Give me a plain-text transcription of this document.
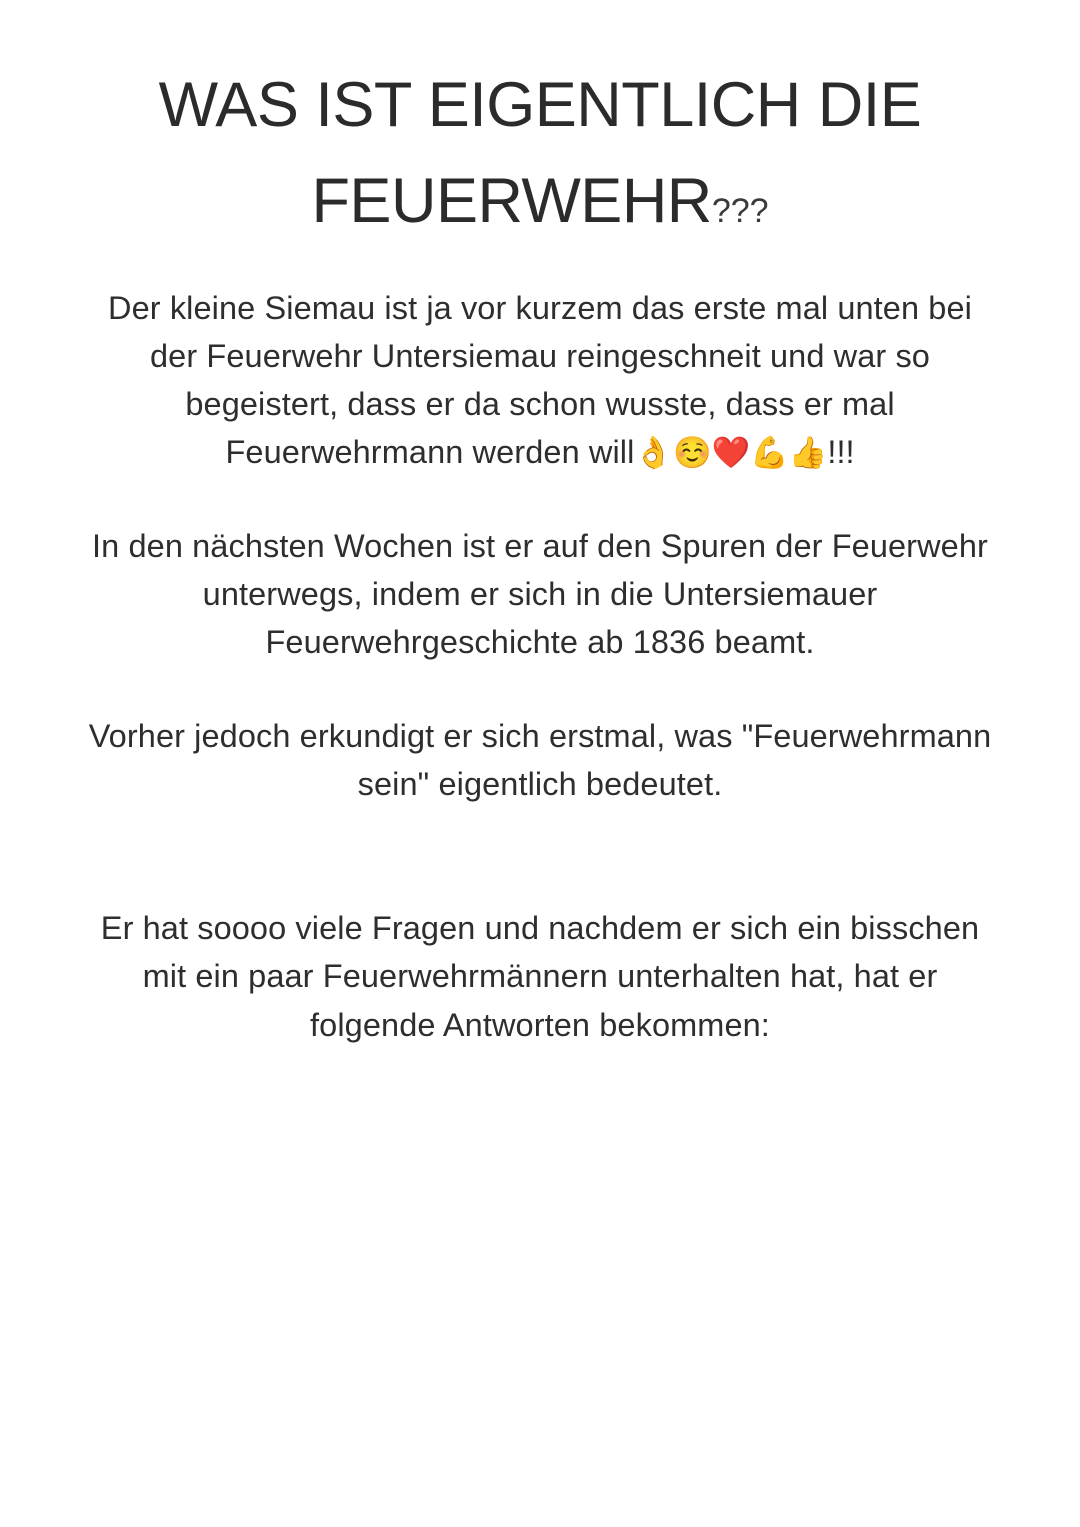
WAS IST EIGENTLICH DIE
FEUERWEHR???

Der kleine Siemau ist ja vor kurzem das erste mal unten bei der Feuerwehr Untersiemau reingeschneit und war so begeistert, dass er da schon wusste, dass er mal Feuerwehrmann werden will👌☺️❤️💪👍!!!

In den nächsten Wochen ist er auf den Spuren der Feuerwehr unterwegs, indem er sich in die Untersiemauer Feuerwehrgeschichte ab 1836 beamt.

Vorher jedoch erkundigt er sich erstmal, was "Feuerwehrmann sein" eigentlich bedeutet.

Er hat soooo viele Fragen und nachdem er sich ein bisschen mit ein paar Feuerwehrmännern unterhalten hat, hat er folgende Antworten bekommen:
